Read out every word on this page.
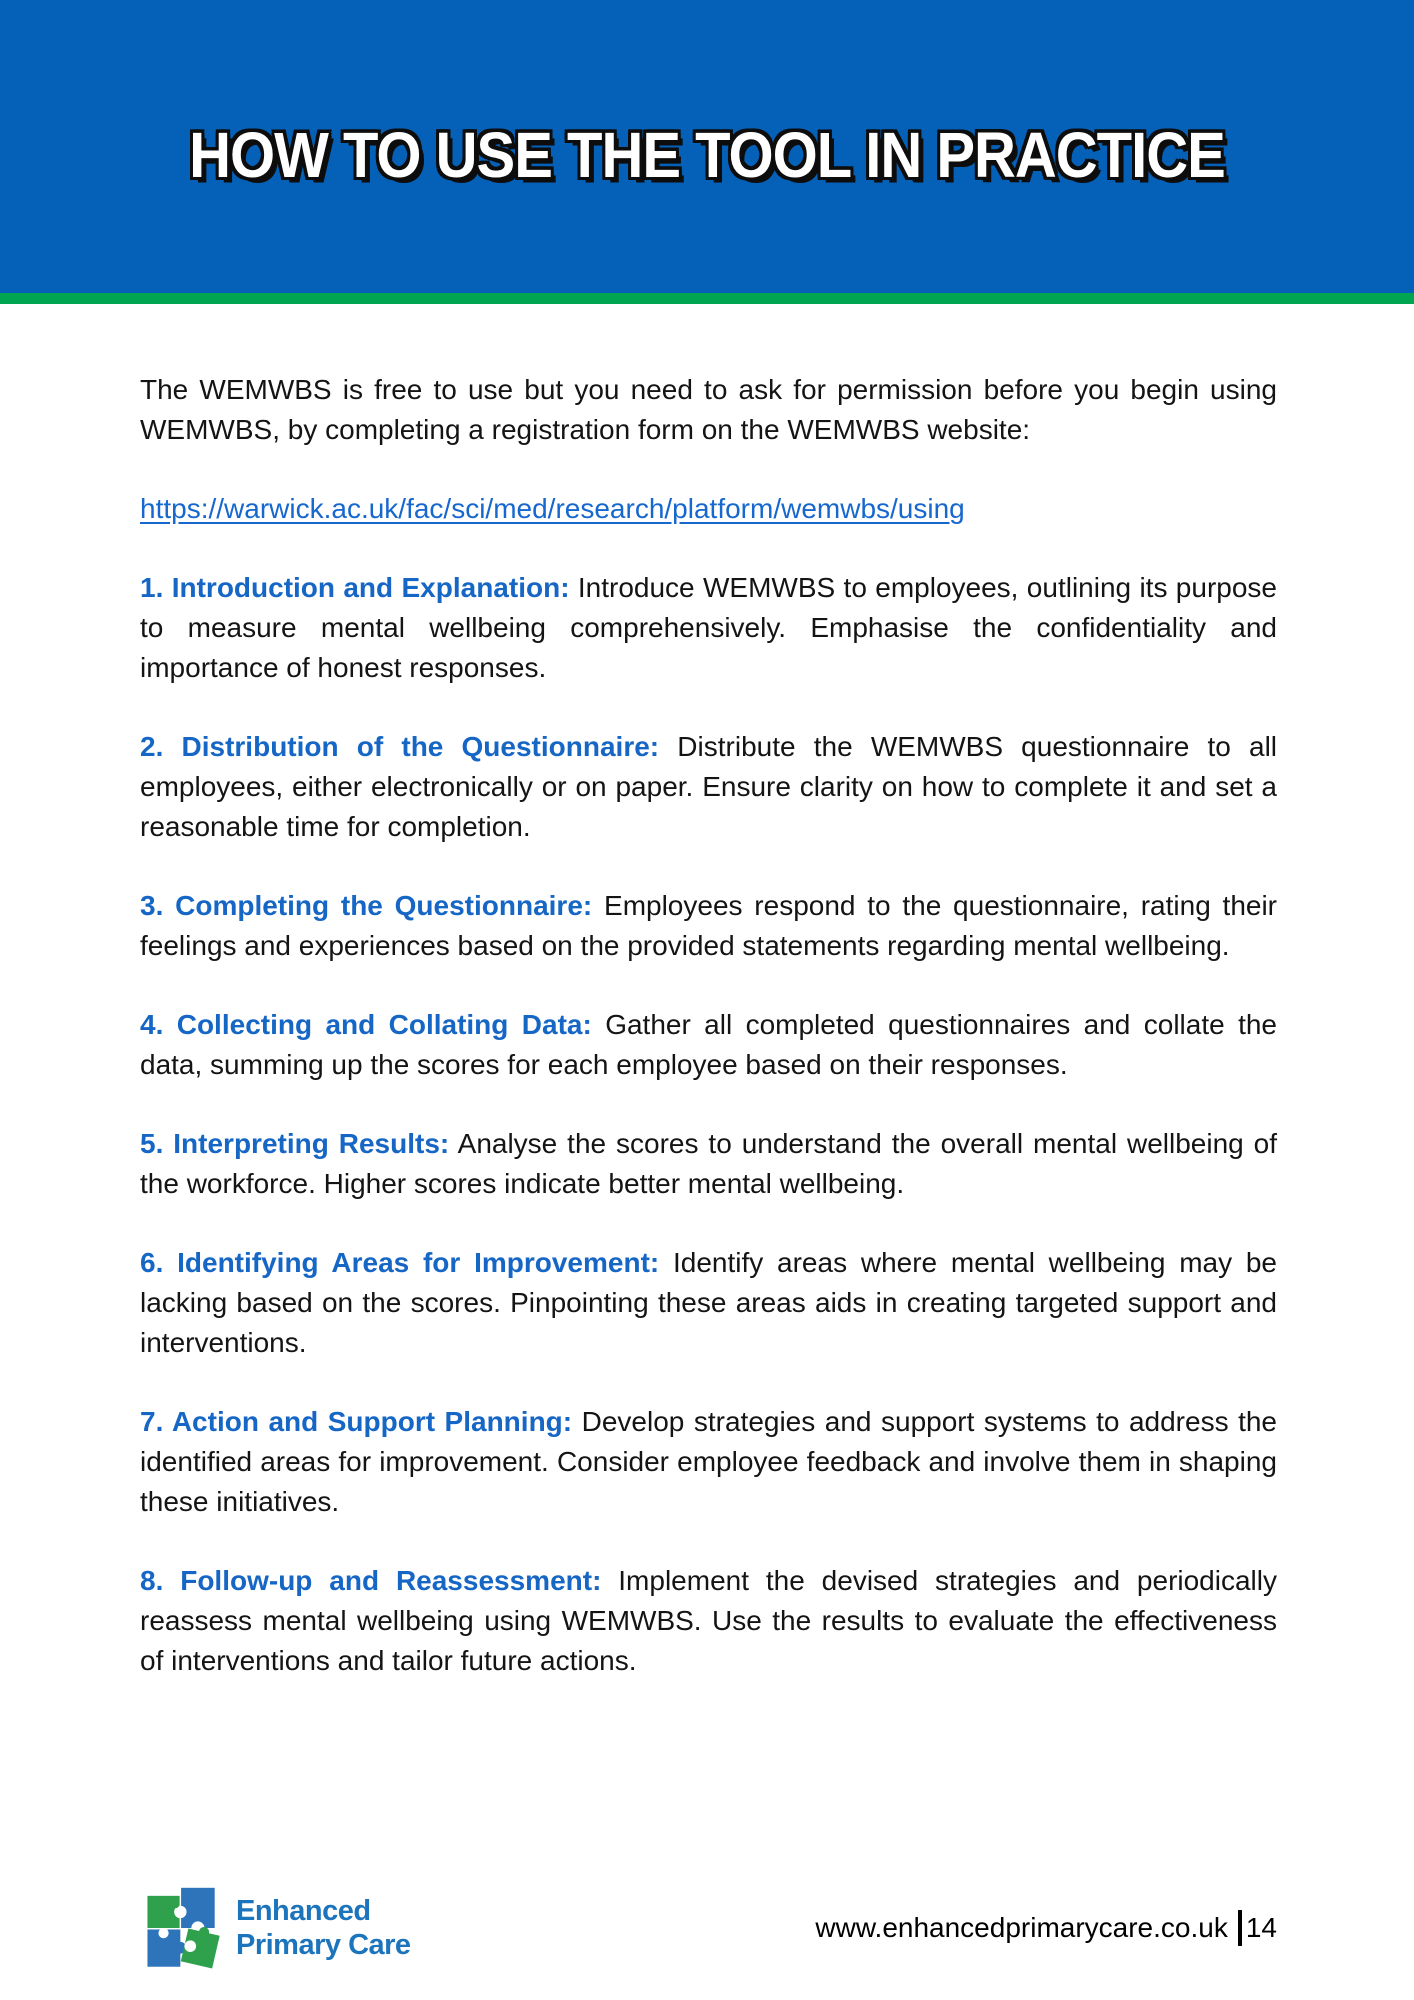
HOW TO USE THE TOOL IN PRACTICE

The WEMWBS is free to use but you need to ask for permission before you begin using WEMWBS, by completing a registration form on the WEMWBS website:

https://warwick.ac.uk/fac/sci/med/research/platform/wemwbs/using

1. Introduction and Explanation: Introduce WEMWBS to employees, outlining its purpose to measure mental wellbeing comprehensively. Emphasise the confidentiality and importance of honest responses.

2. Distribution of the Questionnaire: Distribute the WEMWBS questionnaire to all employees, either electronically or on paper. Ensure clarity on how to complete it and set a reasonable time for completion.

3. Completing the Questionnaire: Employees respond to the questionnaire, rating their feelings and experiences based on the provided statements regarding mental wellbeing.

4. Collecting and Collating Data: Gather all completed questionnaires and collate the data, summing up the scores for each employee based on their responses.

5. Interpreting Results: Analyse the scores to understand the overall mental wellbeing of the workforce. Higher scores indicate better mental wellbeing.

6. Identifying Areas for Improvement: Identify areas where mental wellbeing may be lacking based on the scores. Pinpointing these areas aids in creating targeted support and interventions.

7. Action and Support Planning: Develop strategies and support systems to address the identified areas for improvement. Consider employee feedback and involve them in shaping these initiatives.

8. Follow-up and Reassessment: Implement the devised strategies and periodically reassess mental wellbeing using WEMWBS. Use the results to evaluate the effectiveness of interventions and tailor future actions.

Enhanced
Primary Care
www.enhancedprimarycare.co.uk 14
